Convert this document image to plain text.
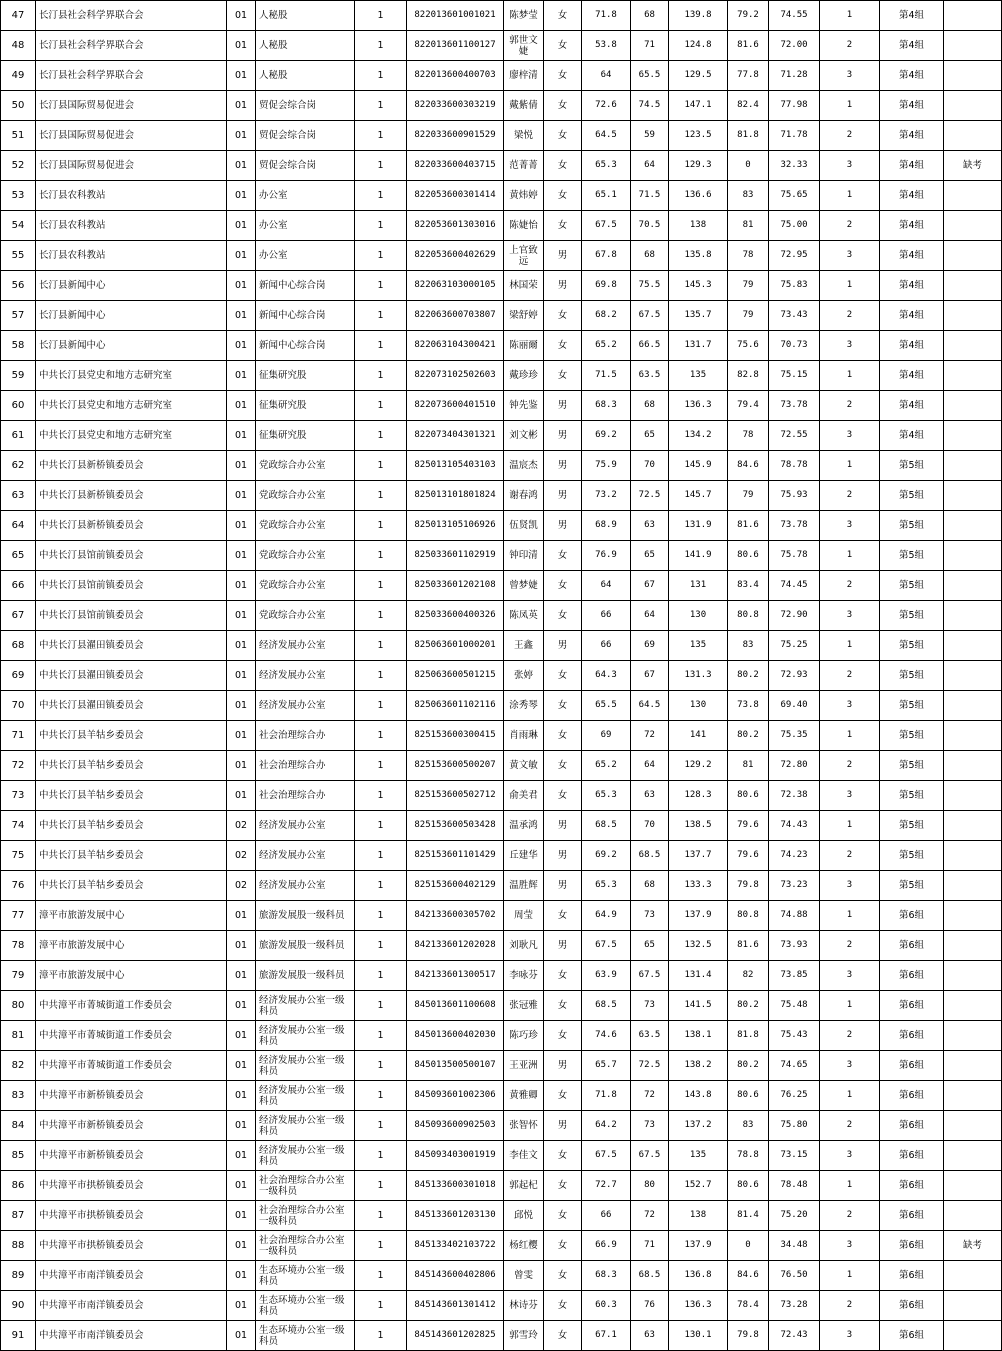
47	长汀县社会科学界联合会	01	人秘股	1	822013601001021	陈梦莹	女	71.8	68	139.8	79.2	74.55	1	第4组	
48	长汀县社会科学界联合会	01	人秘股	1	822013601100127	郭世文婕	女	53.8	71	124.8	81.6	72.00	2	第4组	
49	长汀县社会科学界联合会	01	人秘股	1	822013600400703	廖梓清	女	64	65.5	129.5	77.8	71.28	3	第4组	
50	长汀县国际贸易促进会	01	贸促会综合岗	1	822033600303219	戴紫倩	女	72.6	74.5	147.1	82.4	77.98	1	第4组	
51	长汀县国际贸易促进会	01	贸促会综合岗	1	822033600901529	梁悦	女	64.5	59	123.5	81.8	71.78	2	第4组	
52	长汀县国际贸易促进会	01	贸促会综合岗	1	822033600403715	范菁菁	女	65.3	64	129.3	0	32.33	3	第4组	缺考
53	长汀县农科教站	01	办公室	1	822053600301414	黄炜婷	女	65.1	71.5	136.6	83	75.65	1	第4组	
54	长汀县农科教站	01	办公室	1	822053601303016	陈婕怡	女	67.5	70.5	138	81	75.00	2	第4组	
55	长汀县农科教站	01	办公室	1	822053600402629	上官致远	男	67.8	68	135.8	78	72.95	3	第4组	
56	长汀县新闻中心	01	新闻中心综合岗	1	822063103000105	林国荣	男	69.8	75.5	145.3	79	75.83	1	第4组	
57	长汀县新闻中心	01	新闻中心综合岗	1	822063600703807	梁舒婷	女	68.2	67.5	135.7	79	73.43	2	第4组	
58	长汀县新闻中心	01	新闻中心综合岗	1	822063104300421	陈丽爾	女	65.2	66.5	131.7	75.6	70.73	3	第4组	
59	中共长汀县党史和地方志研究室	01	征集研究股	1	822073102502603	戴珍珍	女	71.5	63.5	135	82.8	75.15	1	第4组	
60	中共长汀县党史和地方志研究室	01	征集研究股	1	822073600401510	钟先鉴	男	68.3	68	136.3	79.4	73.78	2	第4组	
61	中共长汀县党史和地方志研究室	01	征集研究股	1	822073404301321	刘文彬	男	69.2	65	134.2	78	72.55	3	第4组	
62	中共长汀县新桥镇委员会	01	党政综合办公室	1	825013105403103	温宸杰	男	75.9	70	145.9	84.6	78.78	1	第5组	
63	中共长汀县新桥镇委员会	01	党政综合办公室	1	825013101801824	谢春鸿	男	73.2	72.5	145.7	79	75.93	2	第5组	
64	中共长汀县新桥镇委员会	01	党政综合办公室	1	825013105106926	伍贤凯	男	68.9	63	131.9	81.6	73.78	3	第5组	
65	中共长汀县馆前镇委员会	01	党政综合办公室	1	825033601102919	钟印清	女	76.9	65	141.9	80.6	75.78	1	第5组	
66	中共长汀县馆前镇委员会	01	党政综合办公室	1	825033601202108	曾梦婕	女	64	67	131	83.4	74.45	2	第5组	
67	中共长汀县馆前镇委员会	01	党政综合办公室	1	825033600400326	陈凤英	女	66	64	130	80.8	72.90	3	第5组	
68	中共长汀县濯田镇委员会	01	经济发展办公室	1	825063601000201	王鑫	男	66	69	135	83	75.25	1	第5组	
69	中共长汀县濯田镇委员会	01	经济发展办公室	1	825063600501215	张婷	女	64.3	67	131.3	80.2	72.93	2	第5组	
70	中共长汀县濯田镇委员会	01	经济发展办公室	1	825063601102116	涂秀琴	女	65.5	64.5	130	73.8	69.40	3	第5组	
71	中共长汀县羊牯乡委员会	01	社会治理综合办	1	825153600300415	肖雨琳	女	69	72	141	80.2	75.35	1	第5组	
72	中共长汀县羊牯乡委员会	01	社会治理综合办	1	825153600500207	黄文敏	女	65.2	64	129.2	81	72.80	2	第5组	
73	中共长汀县羊牯乡委员会	01	社会治理综合办	1	825153600502712	俞美君	女	65.3	63	128.3	80.6	72.38	3	第5组	
74	中共长汀县羊牯乡委员会	02	经济发展办公室	1	825153600503428	温承鸿	男	68.5	70	138.5	79.6	74.43	1	第5组	
75	中共长汀县羊牯乡委员会	02	经济发展办公室	1	825153601101429	丘建华	男	69.2	68.5	137.7	79.6	74.23	2	第5组	
76	中共长汀县羊牯乡委员会	02	经济发展办公室	1	825153600402129	温胜辉	男	65.3	68	133.3	79.8	73.23	3	第5组	
77	漳平市旅游发展中心	01	旅游发展股一级科员	1	842133600305702	周莹	女	64.9	73	137.9	80.8	74.88	1	第6组	
78	漳平市旅游发展中心	01	旅游发展股一级科员	1	842133601202028	刘耿凡	男	67.5	65	132.5	81.6	73.93	2	第6组	
79	漳平市旅游发展中心	01	旅游发展股一级科员	1	842133601300517	李咏芬	女	63.9	67.5	131.4	82	73.85	3	第6组	
80	中共漳平市菁城街道工作委员会	01	经济发展办公室一级科员	1	845013601100608	张冠雅	女	68.5	73	141.5	80.2	75.48	1	第6组	
81	中共漳平市菁城街道工作委员会	01	经济发展办公室一级科员	1	845013600402030	陈巧珍	女	74.6	63.5	138.1	81.8	75.43	2	第6组	
82	中共漳平市菁城街道工作委员会	01	经济发展办公室一级科员	1	845013500500107	王亚洲	男	65.7	72.5	138.2	80.2	74.65	3	第6组	
83	中共漳平市新桥镇委员会	01	经济发展办公室一级科员	1	845093601002306	黄雅卿	女	71.8	72	143.8	80.6	76.25	1	第6组	
84	中共漳平市新桥镇委员会	01	经济发展办公室一级科员	1	845093600902503	张智怀	男	64.2	73	137.2	83	75.80	2	第6组	
85	中共漳平市新桥镇委员会	01	经济发展办公室一级科员	1	845093403001919	李佳文	女	67.5	67.5	135	78.8	73.15	3	第6组	
86	中共漳平市拱桥镇委员会	01	社会治理综合办公室一级科员	1	845133600301018	郭起杞	女	72.7	80	152.7	80.6	78.48	1	第6组	
87	中共漳平市拱桥镇委员会	01	社会治理综合办公室一级科员	1	845133601203130	邱悦	女	66	72	138	81.4	75.20	2	第6组	
88	中共漳平市拱桥镇委员会	01	社会治理综合办公室一级科员	1	845133402103722	杨红樱	女	66.9	71	137.9	0	34.48	3	第6组	缺考
89	中共漳平市南洋镇委员会	01	生态环境办公室一级科员	1	845143600402806	曾雯	女	68.3	68.5	136.8	84.6	76.50	1	第6组	
90	中共漳平市南洋镇委员会	01	生态环境办公室一级科员	1	845143601301412	林诗芬	女	60.3	76	136.3	78.4	73.28	2	第6组	
91	中共漳平市南洋镇委员会	01	生态环境办公室一级科员	1	845143601202825	郭雪玲	女	67.1	63	130.1	79.8	72.43	3	第6组	
